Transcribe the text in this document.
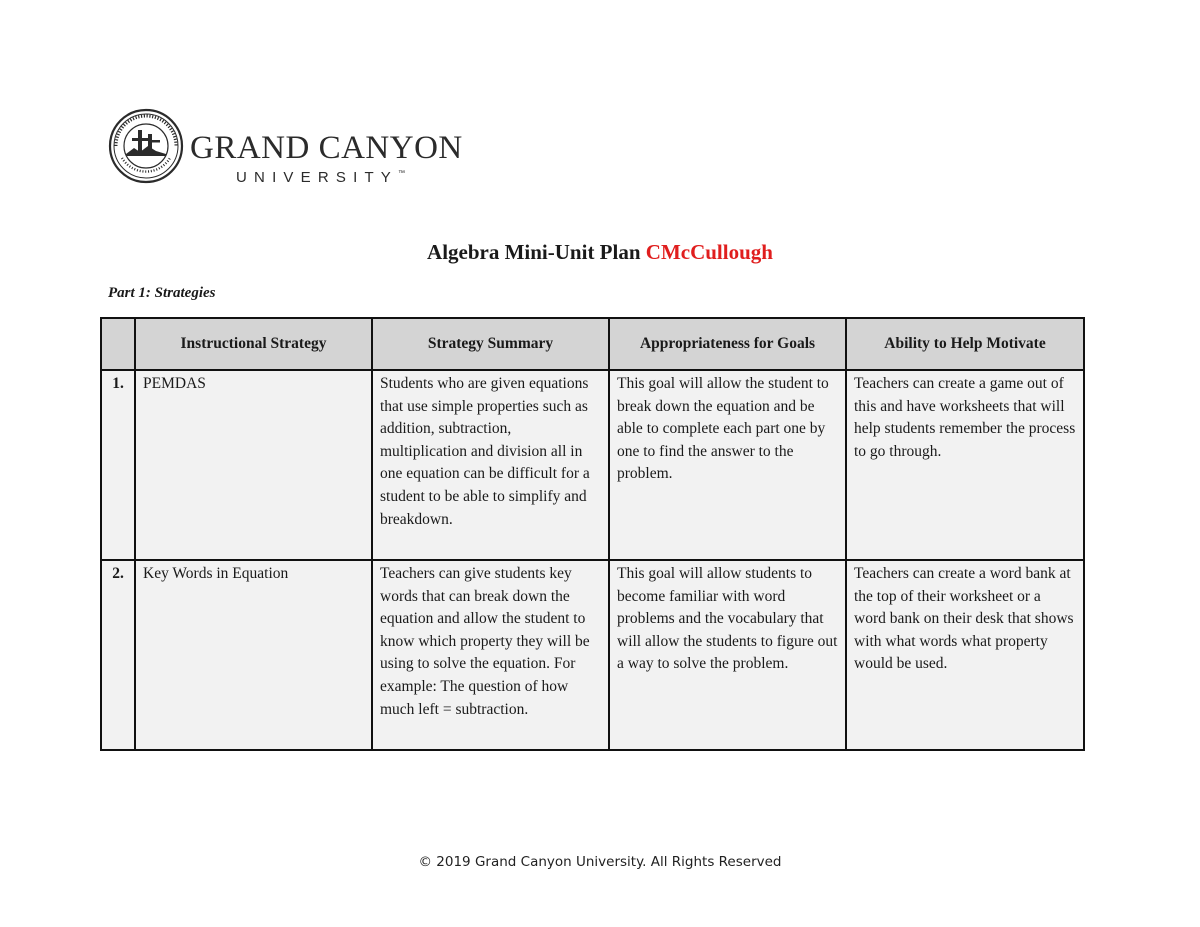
GRAND CANYON
UNIVERSITY™
Algebra Mini-Unit Plan CMcCullough
Part 1: Strategies
	Instructional Strategy	Strategy Summary	Appropriateness for Goals	Ability to Help Motivate
1.	PEMDAS	Students who are given equations that use simple properties such as addition, subtraction, multiplication and division all in one equation can be difficult for a student to be able to simplify and breakdown.	This goal will allow the student to break down the equation and be able to complete each part one by one to find the answer to the problem.	Teachers can create a game out of this and have worksheets that will help students remember the process to go through.
2.	Key Words in Equation	Teachers can give students key words that can break down the equation and allow the student to know which property they will be using to solve the equation. For example: The question of how much left = subtraction.	This goal will allow students to become familiar with word problems and the vocabulary that will allow the students to figure out a way to solve the problem.	Teachers can create a word bank at the top of their worksheet or a word bank on their desk that shows with what words what property would be used.
© 2019 Grand Canyon University. All Rights Reserved
